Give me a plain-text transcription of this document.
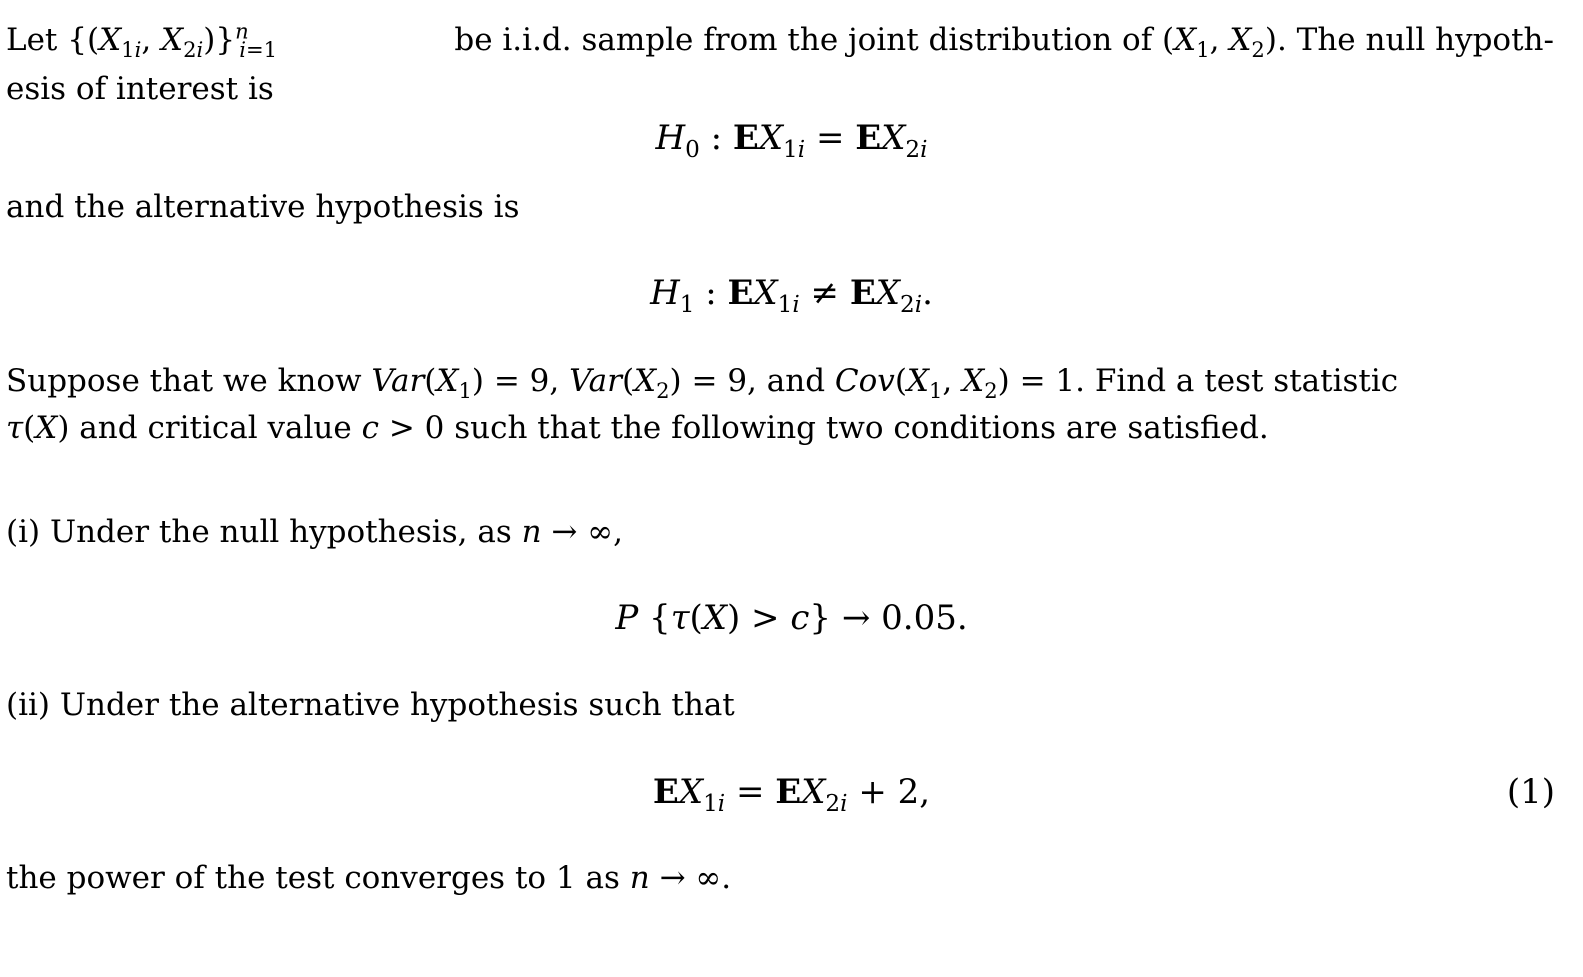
Let {($X_{1i}$, $X_{2i})\}^n_{i=1}$	be i.i.d. sample from the joint distribution of ($X_1$, $X_2$). The null hypoth-
esis of interest is
$H_0$ : $EX_{1i} = EX_{2i}$
and the alternative hypothesis is
$H_1$ : $EX_{1i} \ne EX_{2i}$.
Suppose that we know $Var(X_1) = 9$, $Var(X_2) = 9$, and $Cov(X_1$, $X_2) = 1$. Find a test statistic
τ(X) and critical value c > 0 such that the following two conditions are satisfied.
(i) Under the null hypothesis, as n → ∞,
P {τ(X) > c} → 0.05.
(ii) Under the alternative hypothesis such that
$EX_{1i} = EX_{2i} + 2$,	(1)
the power of the test converges to 1 as n → ∞.
